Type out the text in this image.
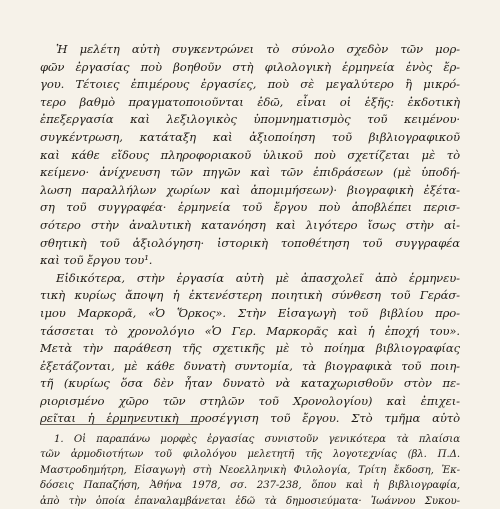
Ἡ μελέτη αὐτὴ συγκεντρώνει τὸ σύνολο σχεδὸν τῶν μορ-
φῶν ἐργασίας ποὺ βοηθοῦν στὴ φιλολογικὴ ἑρμηνεία ἑνὸς ἔρ-
γου. Τέτοιες ἐπιμέρους ἐργασίες, ποὺ σὲ μεγαλύτερο ἢ μικρό-
τερο βαθμὸ πραγματοποιοῦνται ἐδῶ, εἶναι οἱ ἑξῆς: ἐκδοτικὴ
ἐπεξεργασία καὶ λεξιλογικὸς ὑπομνηματισμὸς τοῦ κειμένου·
συγκέντρωση, κατάταξη καὶ ἀξιοποίηση τοῦ βιβλιογραφικοῦ
καὶ κάθε εἴδους πληροφοριακοῦ ὑλικοῦ ποὺ σχετίζεται μὲ τὸ
κείμενο· ἀνίχνευση τῶν πηγῶν καὶ τῶν ἐπιδράσεων (μὲ ὑποδή-
λωση παραλλήλων χωρίων καὶ ἀπομιμήσεων)· βιογραφικὴ ἐξέτα-
ση τοῦ συγγραφέα· ἑρμηνεία τοῦ ἔργου ποὺ ἀποβλέπει περισ-
σότερο στὴν ἀναλυτικὴ κατανόηση καὶ λιγότερο ἴσως στὴν αἰ-
σθητικὴ τοῦ ἀξιολόγηση· ἱστορικὴ τοποθέτηση τοῦ συγγραφέα
καὶ τοῦ ἔργου του¹.
Εἰδικότερα, στὴν ἐργασία αὐτὴ μὲ ἀπασχολεῖ ἀπὸ ἑρμηνευ-
τικὴ κυρίως ἄποψη ἡ ἐκτενέστερη ποιητικὴ σύνθεση τοῦ Γεράσ-
ιμου Μαρκορᾶ, «Ὁ Ὅρκος». Στὴν Εἰσαγωγὴ τοῦ βιβλίου προ-
τάσσεται τὸ χρονολόγιο «Ὁ Γερ. Μαρκορᾶς καὶ ἡ ἐποχή του».
Μετὰ τὴν παράθεση τῆς σχετικῆς μὲ τὸ ποίημα βιβλιογραφίας
ἐξετάζονται, μὲ κάθε δυνατὴ συντομία, τὰ βιογραφικὰ τοῦ ποιη-
τῆ (κυρίως ὅσα δὲν ἦταν δυνατὸ νὰ καταχωρισθοῦν στὸν πε-
ριορισμένο χῶρο τῶν στηλῶν τοῦ Χρονολογίου) καὶ ἐπιχει-
ρεῖται ἡ ἑρμηνευτικὴ προσέγγιση τοῦ ἔργου. Στὸ τμῆμα αὐτὸ
1. Οἱ παραπάνω μορφὲς ἐργασίας συνιστοῦν γενικότερα τὰ πλαίσια
τῶν ἁρμοδιοτήτων τοῦ φιλολόγου μελετητῆ τῆς λογοτεχνίας (βλ. Π.Δ.
Μαστροδημήτρη, Εἰσαγωγὴ στὴ Νεοελληνικὴ Φιλολογία, Τρίτη ἔκδοση, Ἐκ-
δόσεις Παπαζήση, Ἀθήνα 1978, σσ. 237-238, ὅπου καὶ ἡ βιβλιογραφία,
ἀπὸ τὴν ὁποία ἐπαναλαμβάνεται ἐδῶ τὰ δημοσιεύματα· Ἰωάννου Συκου-
